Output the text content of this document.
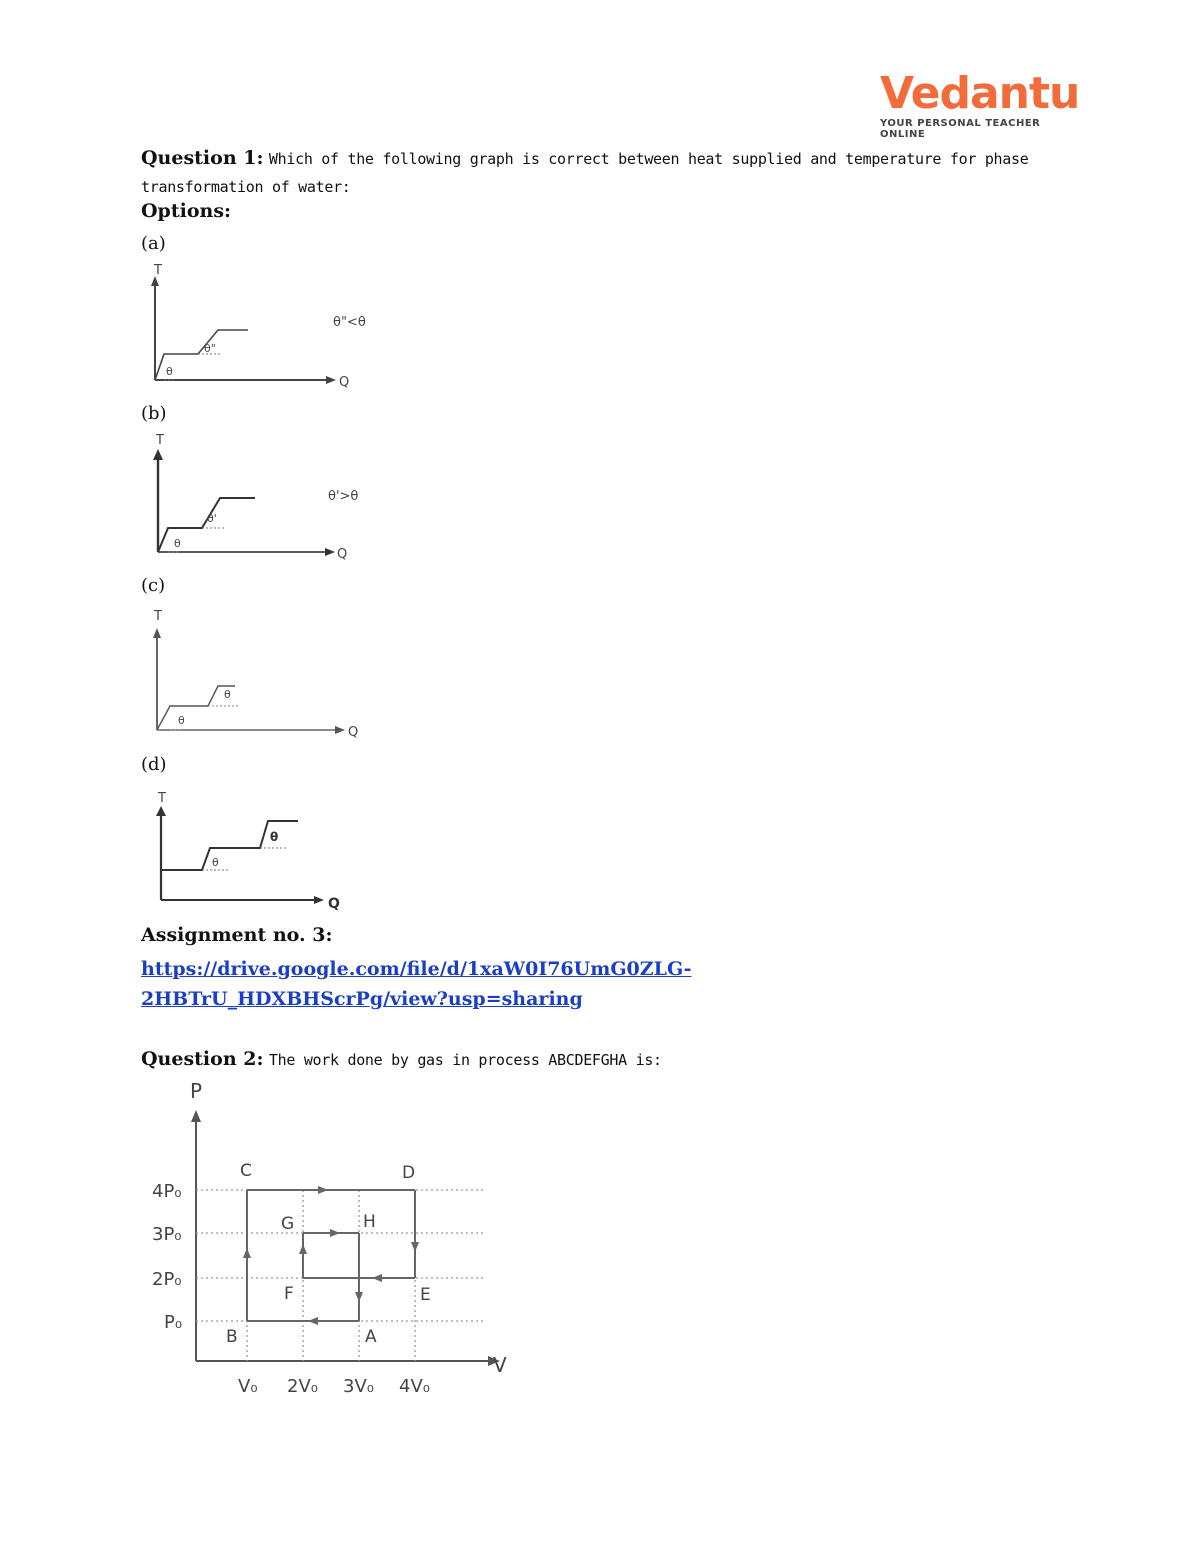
Vedantu
YOUR PERSONAL TEACHER ONLINE
Question 1: Which of the following graph is correct between heat supplied and temperature for phase transformation of water:
Options:
(a)
T
Q
θ
θ"
θ"<θ
(b)
T
Q
θ
θ'
θ'>θ
(c)
T
Q
θ
θ
(d)
T
Q
θ
θ
Assignment no. 3:
https://drive.google.com/file/d/1xaW0I76UmG0ZLG-
2HBTrU_HDXBHScrPg/view?usp=sharing
Question 2: The work done by gas in process ABCDEFGHA is:
P
V
4P₀
3P₀
2P₀
P₀
V₀ 2V₀ 3V₀ 4V₀
A
B
C	D
E
F
G	H
